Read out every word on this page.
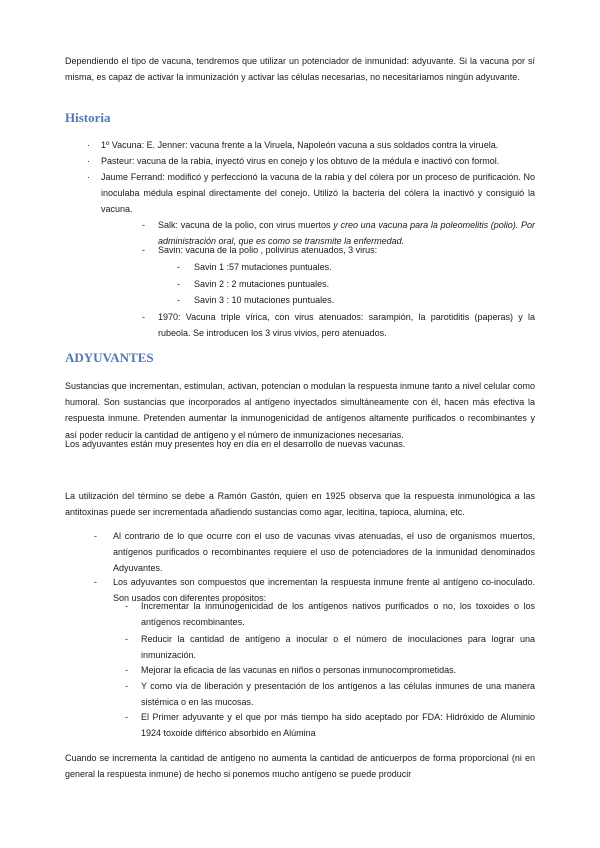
Dependiendo el tipo de vacuna, tendremos que utilizar un potenciador de inmunidad: adyuvante. Si la vacuna por sí misma, es capaz de activar la inmunización y activar las células necesarias, no necesitaríamos ningún adyuvante.
Historia
· 1º Vacuna: E. Jenner: vacuna frente a la Viruela, Napoleón vacuna a sus soldados contra la viruela.
· Pasteur: vacuna de la rabia, inyectó virus en conejo y los obtuvo de la médula e inactivó con formol.
· Jaume Ferrand: modificó y perfeccionó la vacuna de la rabia y del cólera por un proceso de purificación. No inoculaba médula espinal directamente del conejo. Utilizó la bacteria del cólera la inactivó y consiguió la vacuna.
- Salk: vacuna de la polio, con virus muertos y creo una vacuna para la poleomelitis (polio). Por administración oral, que es como se transmite la enfermedad.
- Savin: vacuna de la polio , polivirus atenuados, 3 virus:
- Savin 1 :57 mutaciones puntuales.
- Savin 2 : 2 mutaciones puntuales.
- Savin 3 : 10 mutaciones puntuales.
- 1970: Vacuna triple vírica, con virus atenuados: sarampión, la parotiditis (paperas) y la rubeola. Se introducen los 3 virus vivios, pero atenuados.
ADYUVANTES
Sustancias que incrementan, estimulan, activan, potencian o modulan la respuesta inmune tanto a nivel celular como humoral. Son sustancias que incorporados al antígeno inyectados simultáneamente con él, hacen más efectiva la respuesta inmune. Pretenden aumentar la inmunogenicidad de antígenos altamente purificados o recombinantes y así poder reducir la cantidad de antígeno y el número de inmunizaciones necesarias.
Los adyuvantes están muy presentes hoy en día en el desarrollo de nuevas vacunas.
La utilización del término se debe a Ramón Gastón, quien en 1925 observa que la respuesta inmunológica a las antitoxinas puede ser incrementada añadiendo sustancias como agar, lecitina, tapioca, alumina, etc.
- Al contrario de lo que ocurre con el uso de vacunas vivas atenuadas, el uso de organismos muertos, antígenos purificados o recombinantes requiere el uso de potenciadores de la inmunidad denominados Adyuvantes.
- Los adyuvantes son compuestos que incrementan la respuesta inmune frente al antígeno co-inoculado. Son usados con diferentes propósitos:
- Incrementar la inmunogenicidad de los antígenos nativos purificados o no, los toxoides o los antígenos recombinantes.
- Reducir la cantidad de antígeno a inocular o el número de inoculaciones para lograr una inmunización.
- Mejorar la eficacia de las vacunas en niños o personas inmunocomprometidas.
- Y como vía de liberación y presentación de los antígenos a las células inmunes de una manera sistémica o en las mucosas.
- El Primer adyuvante y el que por más tiempo ha sido aceptado por FDA: Hidróxido de Aluminio 1924 toxoide diftérico absorbido en Alúmina
Cuando se incrementa la cantidad de antígeno no aumenta la cantidad de anticuerpos de forma proporcional (ni en general la respuesta inmune) de hecho si ponemos mucho antígeno se puede producir
